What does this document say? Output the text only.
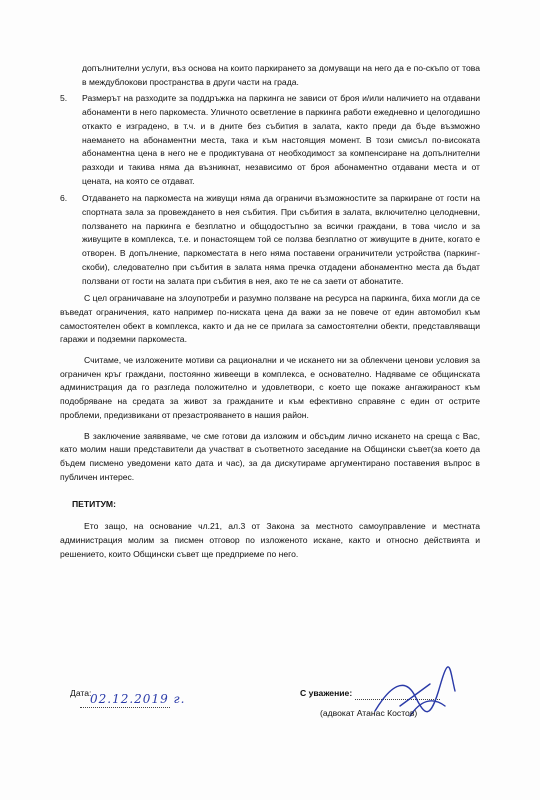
допълнителни услуги, въз основа на които паркирането за домуващи на него да е по-скъпо от това в междублокови пространства в други части на града.
5. Размерът на разходите за поддръжка на паркинга не зависи от броя и/или наличието на отдавани абонаменти в него паркоместа. Уличното осветление в паркинга работи ежедневно и целогодишно откакто е изградено, в т.ч. и в дните без събития в залата, както преди да бъде възможно наемането на абонаментни места, така и към настоящия момент. В този смисъл по-високата абонаментна цена в него не е продиктувана от необходимост за компенсиране на допълнителни разходи и такива няма да възникнат, независимо от броя абонаментно отдавани места и от цената, на която се отдават.
6. Отдаването на паркоместа на живущи няма да ограничи възможностите за паркиране от гости на спортната зала за провеждането в нея събития. При събития в залата, включително целодневни, ползването на паркинга е безплатно и общодостъпно за всички граждани, в това число и за живущите в комплекса, т.е. и понастоящем той се ползва безплатно от живущите в дните, когато е отворен. В допълнение, паркоместата в него няма поставени ограничители устройства (паркинг-скоби), следователно при събития в залата няма пречка отдадени абонаментно места да бъдат ползвани от гости на залата при събития в нея, ако те не са заети от абонатите.
С цел ограничаване на злоупотреби и разумно ползване на ресурса на паркинга, биха могли да се въведат ограничения, като например по-ниската цена да важи за не повече от един автомобил към самостоятелен обект в комплекса, както и да не се прилага за самостоятелни обекти, представляващи гаражи и подземни паркоместа.
Считаме, че изложените мотиви са рационални и че искането ни за облекчени ценови условия за ограничен кръг граждани, постоянно живеещи в комплекса, е основателно. Надяваме се общинската администрация да го разгледа положително и удовлетвори, с което ще покаже ангажираност към подобряване на средата за живот за гражданите и към ефективно справяне с един от острите проблеми, предизвикани от презастрояването в нашия район.
В заключение заявяваме, че сме готови да изложим и обсъдим лично искането на среща с Вас, като молим наши представители да участват в съответното заседание на Общински съвет(за което да бъдем писмено уведомени като дата и час), за да дискутираме аргументирано поставения въпрос в публичен интерес.
ПЕТИТУМ:
Ето защо, на основание чл.21, ал.3 от Закона за местното самоуправление и местната администрация молим за писмен отговор по изложеното искане, както и относно действията и решението, които Общински съвет ще предприеме по него.
Дата:
02.12.2019 г.	С уважение:
(адвокат Атанас Костов)
